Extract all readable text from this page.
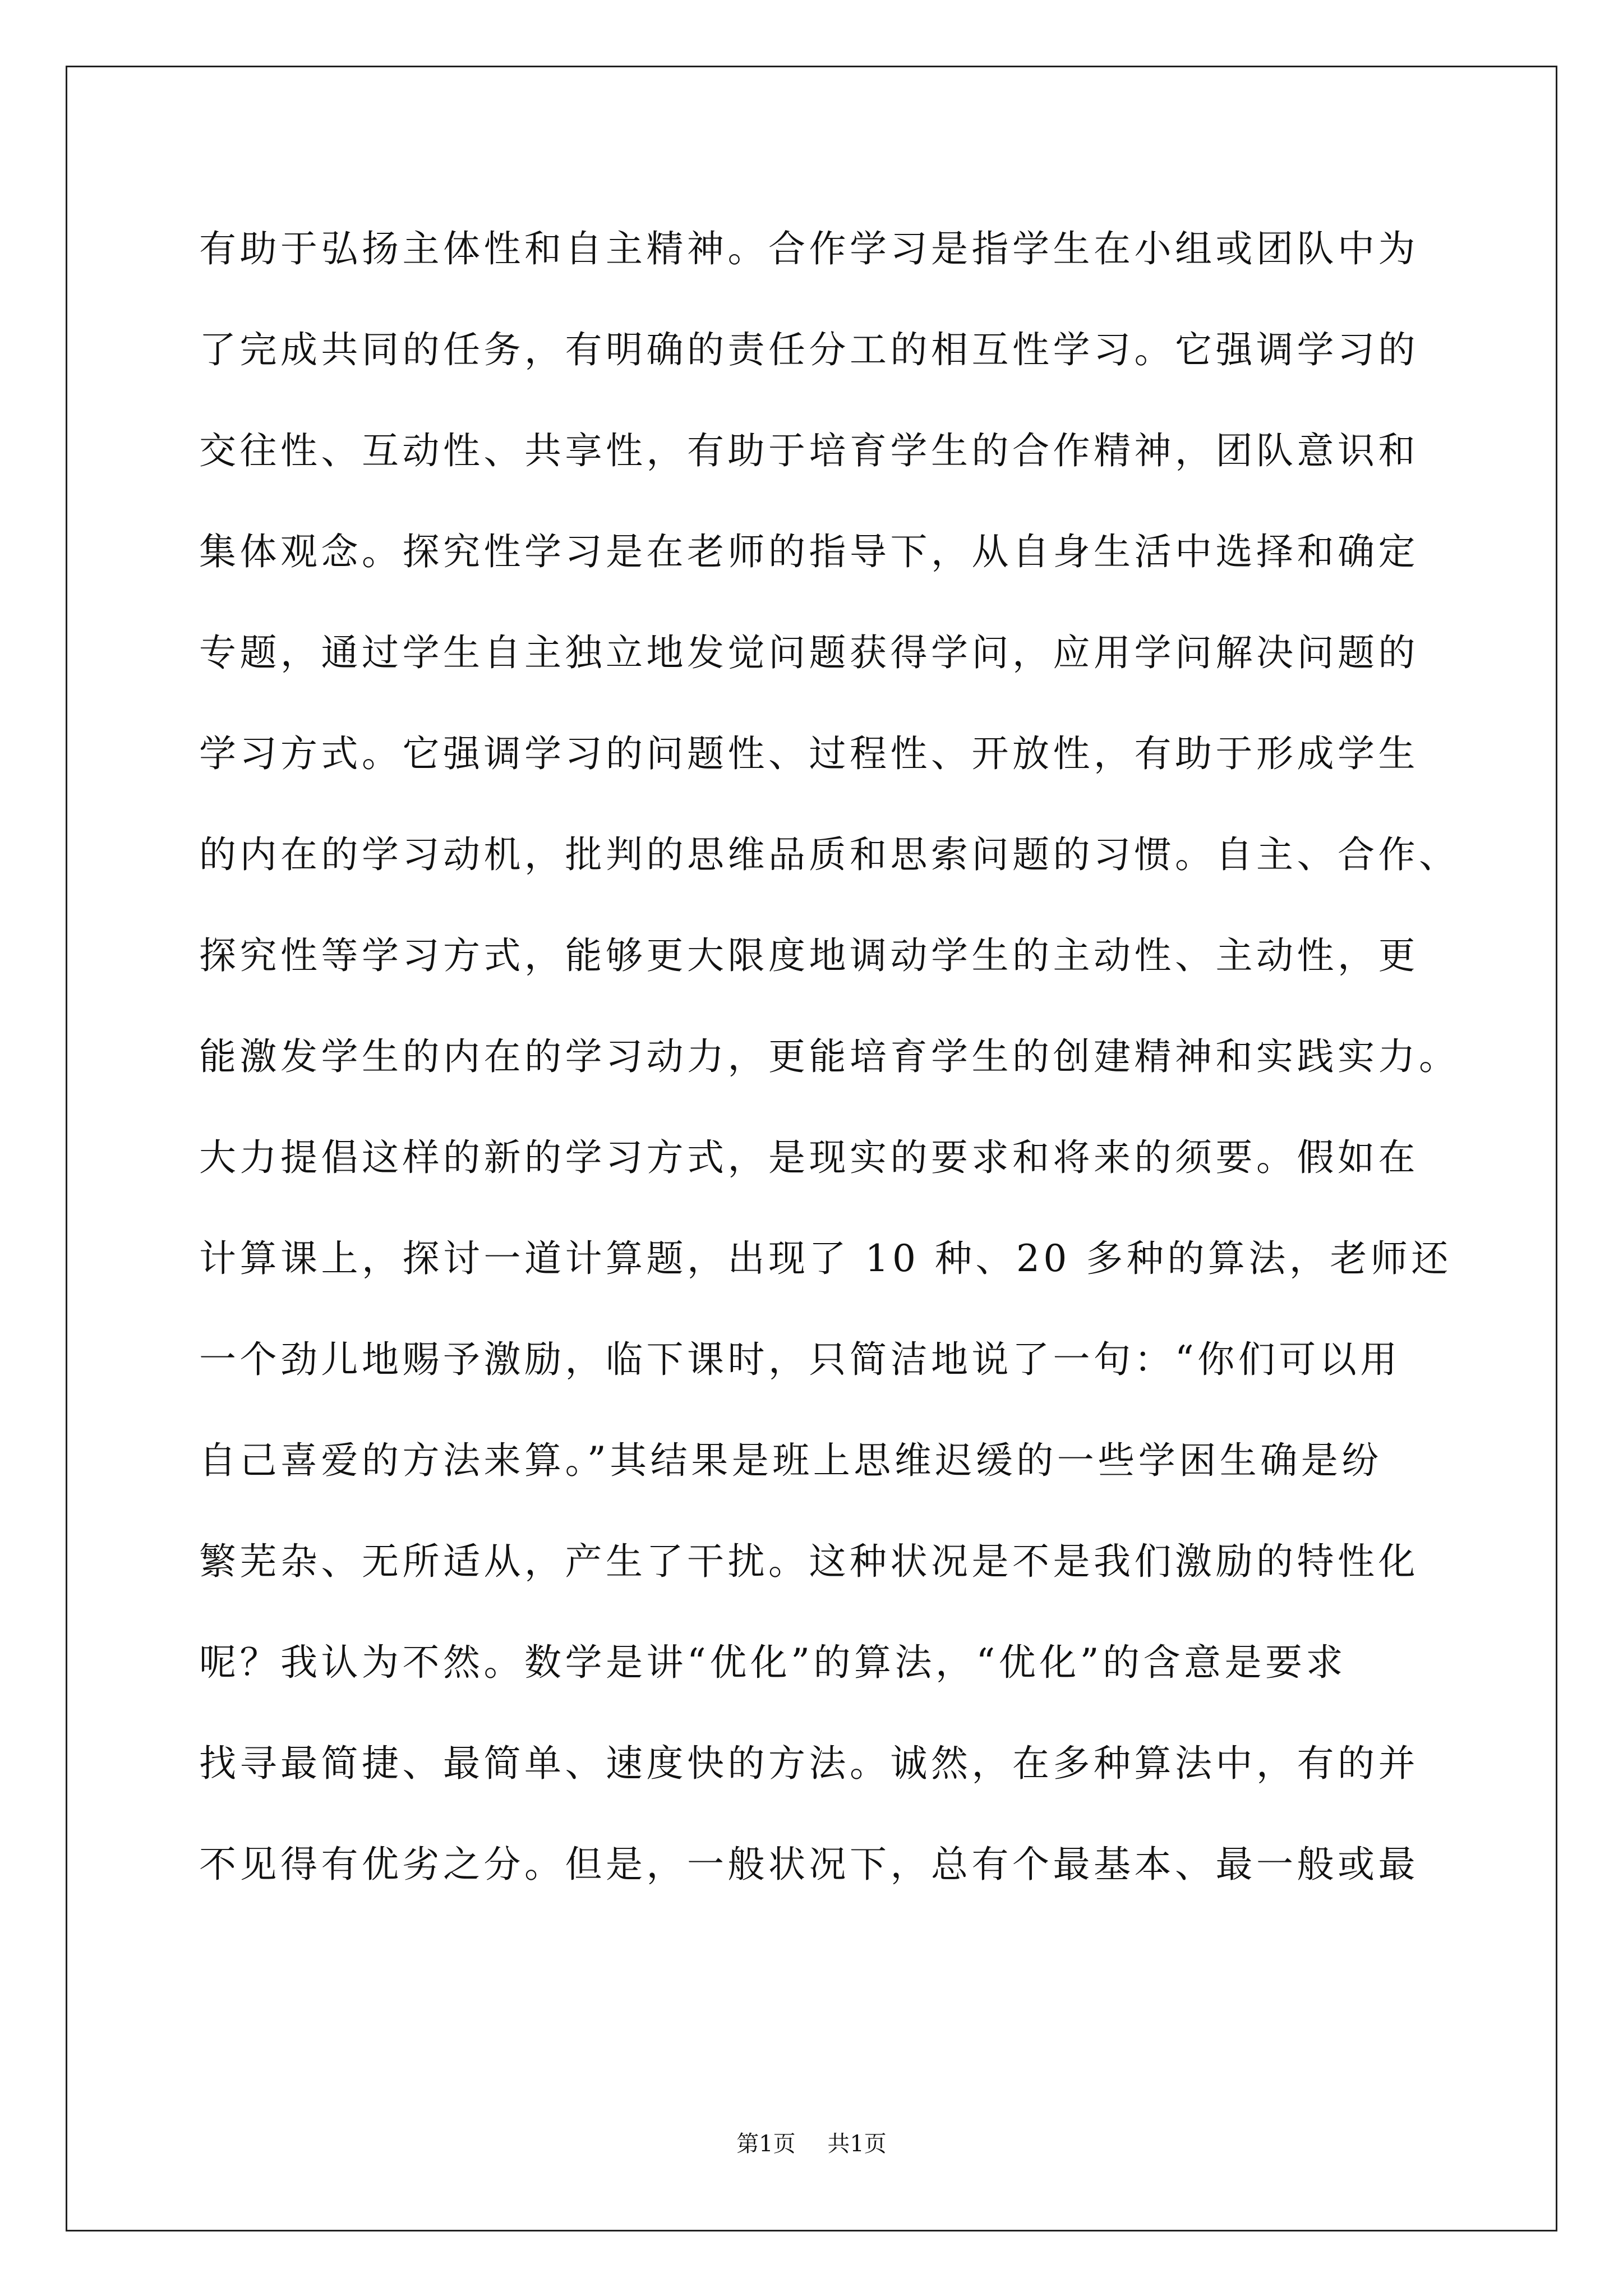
有助于弘扬主体性和自主精神。合作学习是指学生在小组或团队中为
了完成共同的任务，有明确的责任分工的相互性学习。它强调学习的
交往性、互动性、共享性，有助于培育学生的合作精神，团队意识和
集体观念。探究性学习是在老师的指导下，从自身生活中选择和确定
专题，通过学生自主独立地发觉问题获得学问，应用学问解决问题的
学习方式。它强调学习的问题性、过程性、开放性，有助于形成学生
的内在的学习动机，批判的思维品质和思索问题的习惯。自主、合作、
探究性等学习方式，能够更大限度地调动学生的主动性、主动性，更
能激发学生的内在的学习动力，更能培育学生的创建精神和实践实力。
大力提倡这样的新的学习方式，是现实的要求和将来的须要。假如在
计算课上，探讨一道计算题，出现了 10 种、20 多种的算法，老师还
一个劲儿地赐予激励，临下课时，只简洁地说了一句：“你们可以用
自己喜爱的方法来算。”其结果是班上思维迟缓的一些学困生确是纷
繁芜杂、无所适从，产生了干扰。这种状况是不是我们激励的特性化
呢？我认为不然。数学是讲“优化”的算法，“优化”的含意是要求
找寻最简捷、最简单、速度快的方法。诚然，在多种算法中，有的并
不见得有优劣之分。但是，一般状况下，总有个最基本、最一般或最
第1页 共1页
